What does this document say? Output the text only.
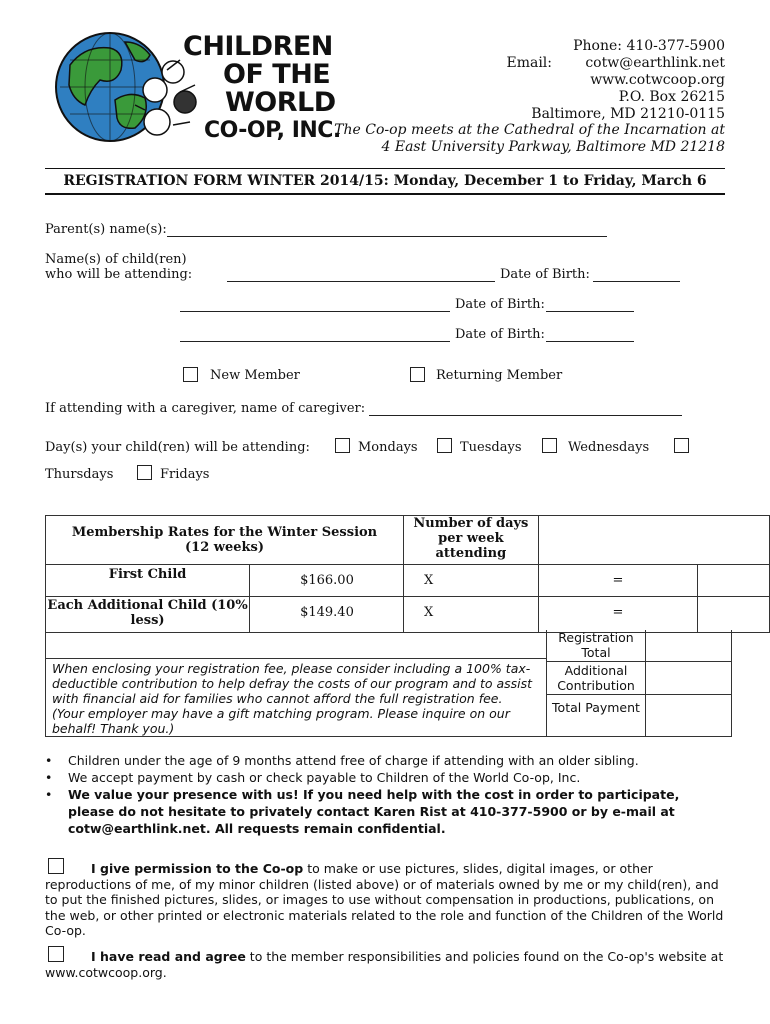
CHILDREN
OF THE
WORLD
CO-OP, INC.
Phone: 410-377-5900
Email: cotw@earthlink.net
www.cotwcoop.org
P.O. Box 26215
Baltimore, MD 21210-0115
The Co-op meets at the Cathedral of the Incarnation at
4 East University Parkway, Baltimore MD 21218
REGISTRATION FORM WINTER 2014/15: Monday, December 1 to Friday, March 6
Parent(s) name(s):
Name(s) of child(ren)
who will be attending:	Date of Birth:
Date of Birth:
Date of Birth:
New Member	Returning Member
If attending with a caregiver, name of caregiver:
Day(s) your child(ren) will be attending:	Mondays	Tuesdays	Wednesdays
Thursdays	Fridays
Membership Rates for the Winter Session (12 weeks)		Number of days per week attending		
First Child	$166.00	X	=	
Each Additional Child (10% less)	$149.40	X	=	
Registration Total
Additional Contribution
Total Payment
When enclosing your registration fee, please consider including a 100% tax-deductible contribution to help defray the costs of our program and to assist with financial aid for families who cannot afford the full registration fee. (Your employer may have a gift matching program. Please inquire on our behalf! Thank you.)
• Children under the age of 9 months attend free of charge if attending with an older sibling.
• We accept payment by cash or check payable to Children of the World Co-op, Inc.
• We value your presence with us! If you need help with the cost in order to participate, please do not hesitate to privately contact Karen Rist at 410-377-5900 or by e-mail at cotw@earthlink.net. All requests remain confidential.
I give permission to the Co-op to make or use pictures, slides, digital images, or other reproductions of me, of my minor children (listed above) or of materials owned by me or my child(ren), and to put the finished pictures, slides, or images to use without compensation in productions, publications, on the web, or other printed or electronic materials related to the role and function of the Children of the World Co-op.
I have read and agree to the member responsibilities and policies found on the Co-op's website at www.cotwcoop.org.
